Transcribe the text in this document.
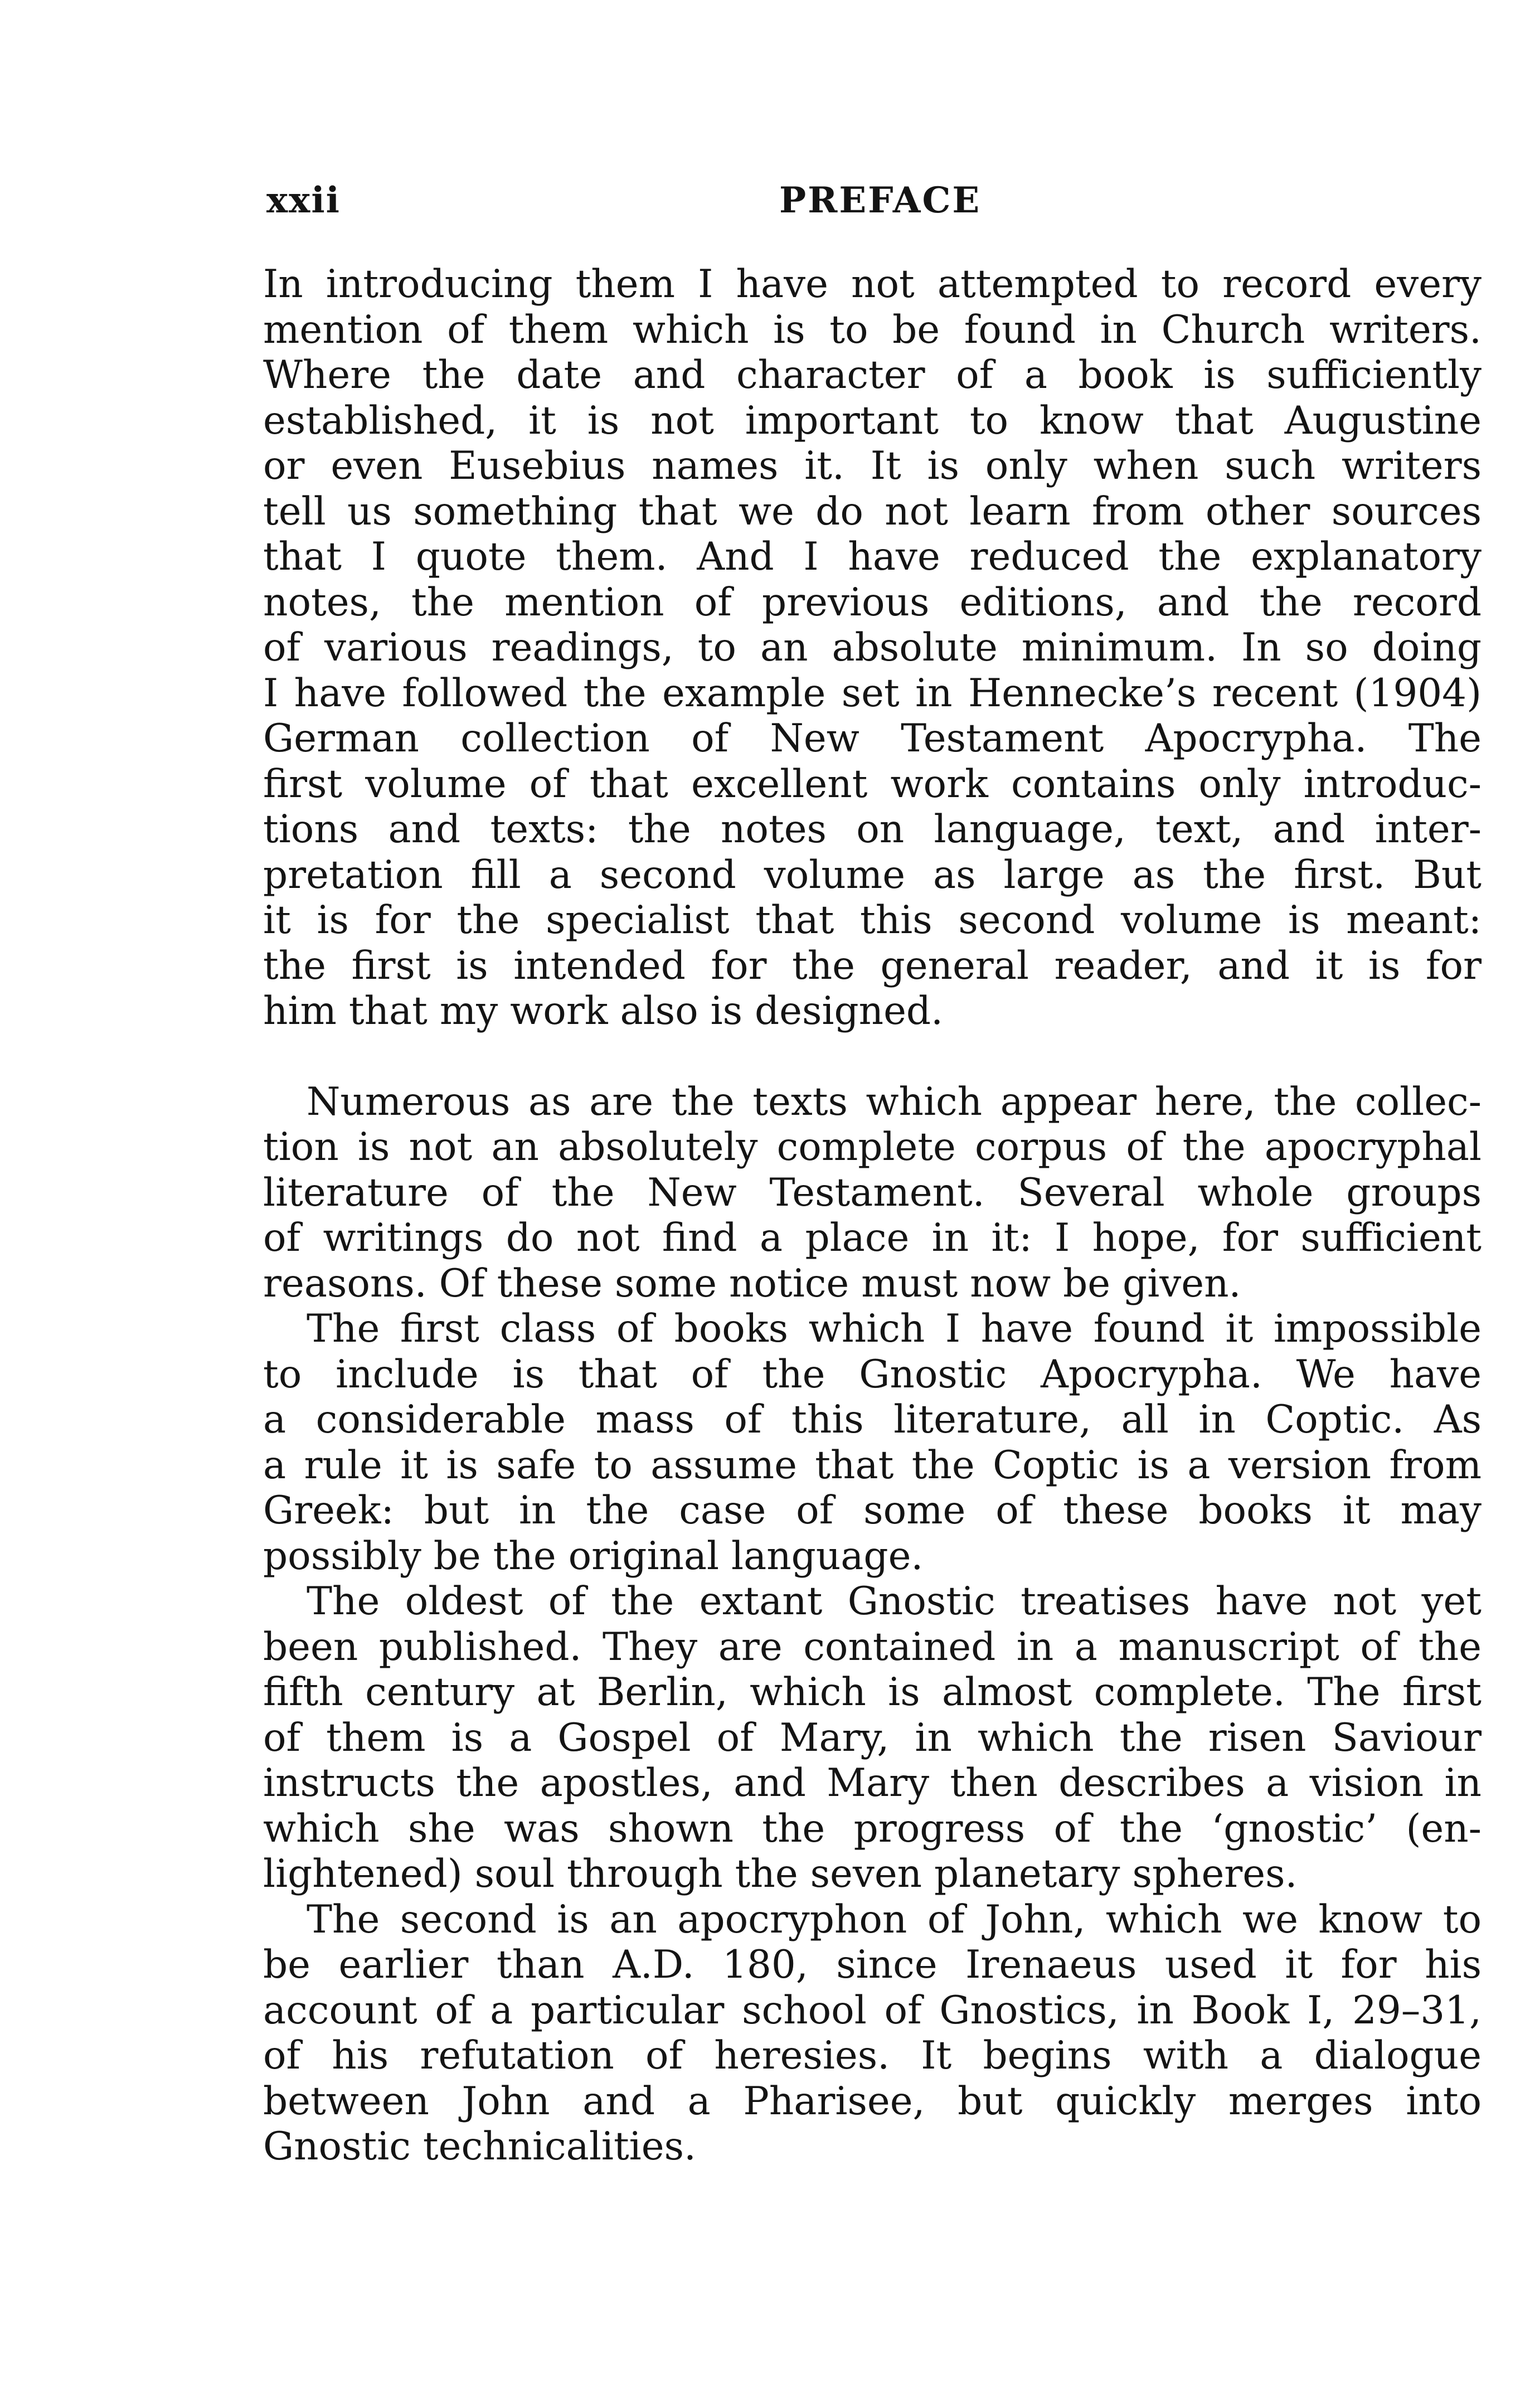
xxii	PREFACE
In introducing them I have not attempted to record every
mention of them which is to be found in Church writers.
Where the date and character of a book is sufficiently
established, it is not important to know that Augustine
or even Eusebius names it. It is only when such writers
tell us something that we do not learn from other sources
that I quote them. And I have reduced the explanatory
notes, the mention of previous editions, and the record
of various readings, to an absolute minimum. In so doing
I have followed the example set in Hennecke’s recent (1904)
German collection of New Testament Apocrypha. The
first volume of that excellent work contains only introduc-
tions and texts: the notes on language, text, and inter-
pretation fill a second volume as large as the first. But
it is for the specialist that this second volume is meant:
the first is intended for the general reader, and it is for
him that my work also is designed.
Numerous as are the texts which appear here, the collec-
tion is not an absolutely complete corpus of the apocryphal
literature of the New Testament. Several whole groups
of writings do not find a place in it: I hope, for sufficient
reasons. Of these some notice must now be given.
The first class of books which I have found it impossible
to include is that of the Gnostic Apocrypha. We have
a considerable mass of this literature, all in Coptic. As
a rule it is safe to assume that the Coptic is a version from
Greek: but in the case of some of these books it may
possibly be the original language.
The oldest of the extant Gnostic treatises have not yet
been published. They are contained in a manuscript of the
fifth century at Berlin, which is almost complete. The first
of them is a Gospel of Mary, in which the risen Saviour
instructs the apostles, and Mary then describes a vision in
which she was shown the progress of the ‘gnostic’ (en-
lightened) soul through the seven planetary spheres.
The second is an apocryphon of John, which we know to
be earlier than A.D. 180, since Irenaeus used it for his
account of a particular school of Gnostics, in Book I, 29–31,
of his refutation of heresies. It begins with a dialogue
between John and a Pharisee, but quickly merges into
Gnostic technicalities.
